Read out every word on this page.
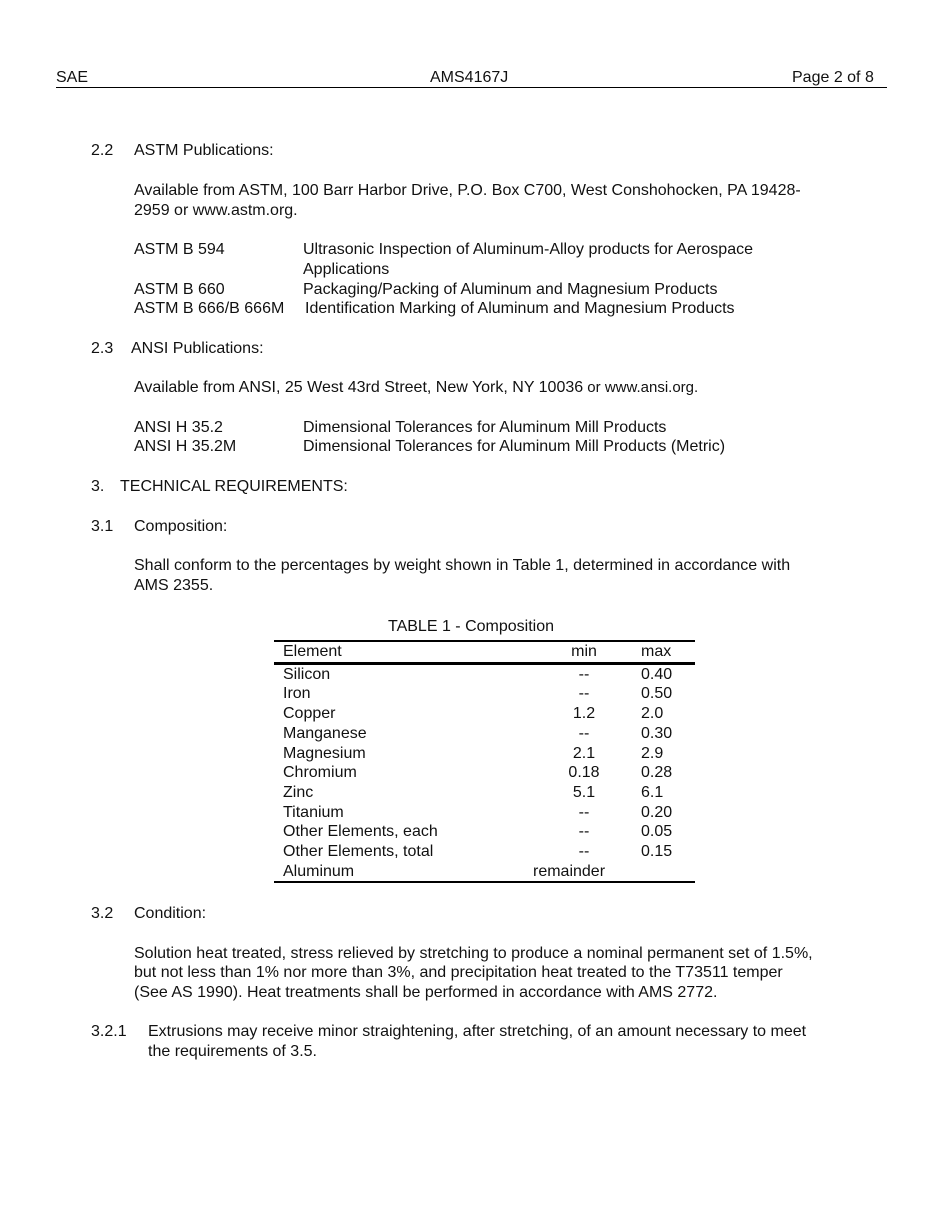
SAE	AMS4167J	Page 2 of 8
2.2 ASTM Publications:
Available from ASTM, 100 Barr Harbor Drive, P.O. Box C700, West Conshohocken, PA 19428-
2959 or www.astm.org.
ASTM B 594	Ultrasonic Inspection of Aluminum-Alloy products for Aerospace
Applications
ASTM B 660	Packaging/Packing of Aluminum and Magnesium Products
ASTM B 666/B 666M Identification Marking of Aluminum and Magnesium Products
2.3 ANSI Publications:
Available from ANSI, 25 West 43rd Street, New York, NY 10036 or www.ansi.org.
ANSI H 35.2	Dimensional Tolerances for Aluminum Mill Products
ANSI H 35.2M	Dimensional Tolerances for Aluminum Mill Products (Metric)
3. TECHNICAL REQUIREMENTS:
3.1 Composition:
Shall conform to the percentages by weight shown in Table 1, determined in accordance with
AMS 2355.
TABLE 1 - Composition
Element	min	max
Silicon	--	0.40
Iron	--	0.50
Copper	1.2	2.0
Manganese	--	0.30
Magnesium	2.1	2.9
Chromium	0.18	0.28
Zinc	5.1	6.1
Titanium	--	0.20
Other Elements, each	--	0.05
Other Elements, total	--	0.15
Aluminum	remainder	
3.2 Condition:
Solution heat treated, stress relieved by stretching to produce a nominal permanent set of 1.5%,
but not less than 1% nor more than 3%, and precipitation heat treated to the T73511 temper
(See AS 1990). Heat treatments shall be performed in accordance with AMS 2772.
3.2.1 Extrusions may receive minor straightening, after stretching, of an amount necessary to meet
the requirements of 3.5.
